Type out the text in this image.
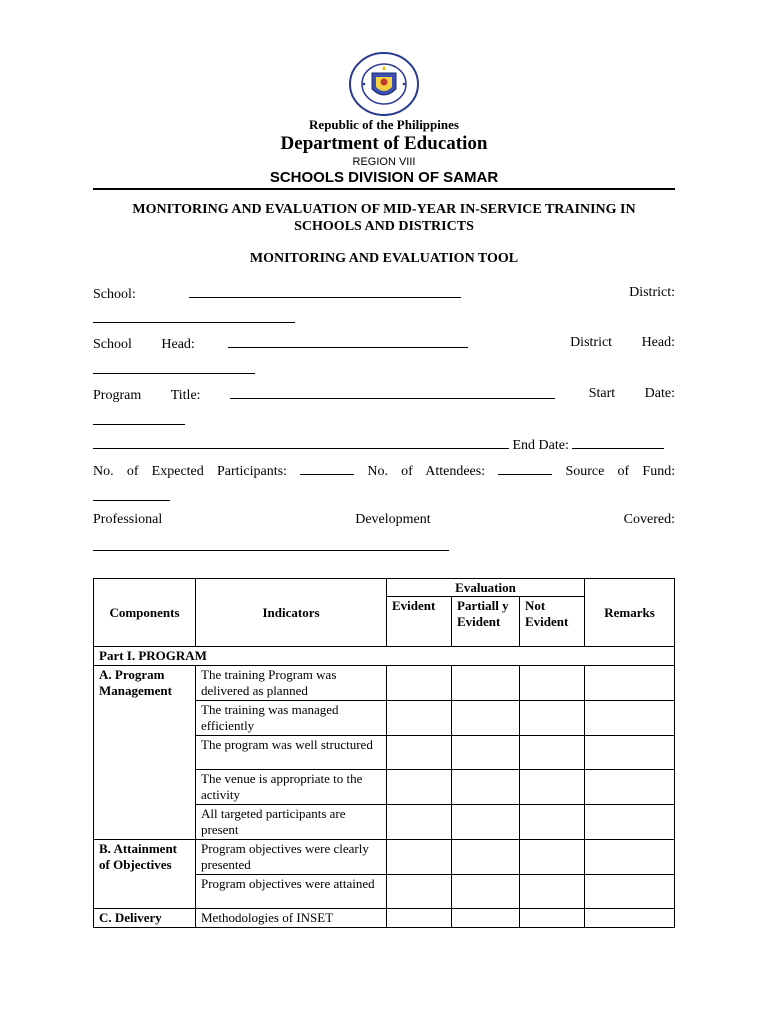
Republic of the Philippines
Department of Education
REGION VIII
SCHOOLS DIVISION OF SAMAR
MONITORING AND EVALUATION OF MID-YEAR IN-SERVICE TRAINING IN
SCHOOLS AND DISTRICTS
MONITORING AND EVALUATION TOOL
School:	District:
School Head:	District Head:
Program Title:	Start Date:
End Date:
No. of Expected Participants:	No. of Attendees:	Source of Fund:
Professional	Development	Covered:
Components	Indicators	Evaluation			Remarks
		Evident	Partiall y Evident	Not Evident	
Part I. PROGRAM					
A. Program Management	The training Program was delivered as planned				
	The training was managed efficiently				
	The program was well structured				
	The venue is appropriate to the activity				
	All targeted participants are present				
B. Attainment of Objectives	Program objectives were clearly presented				
	Program objectives were attained				
C. Delivery	Methodologies of INSET				
